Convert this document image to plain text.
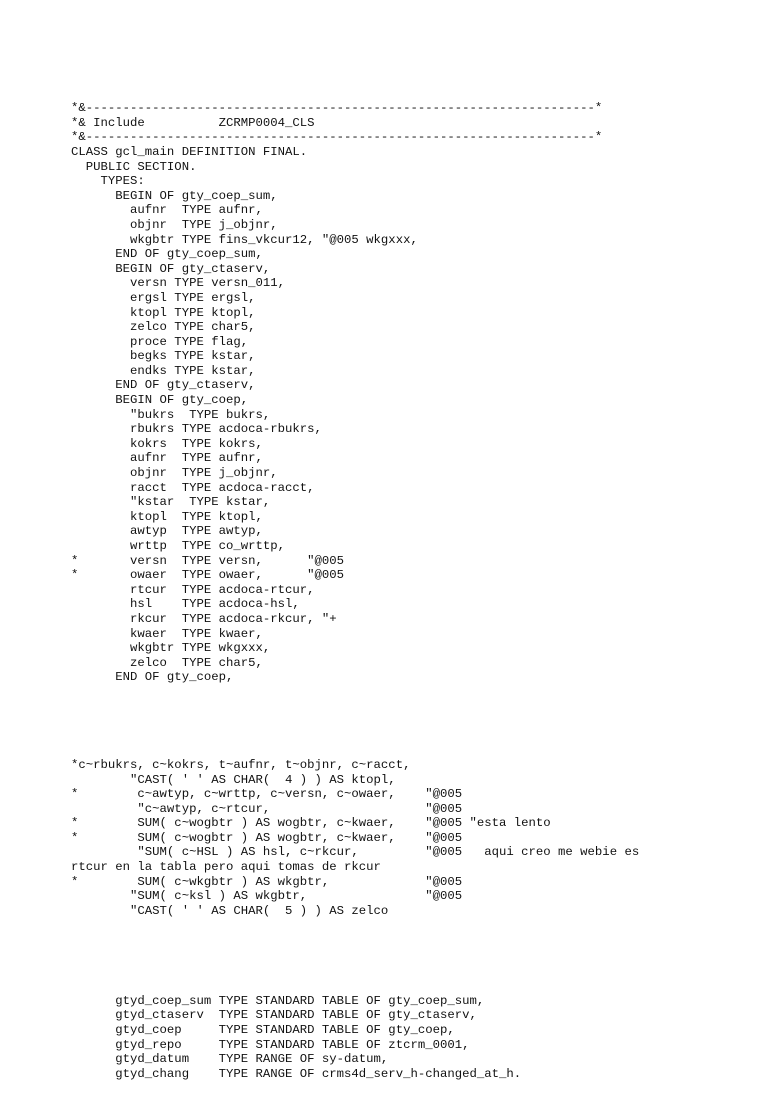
*&---------------------------------------------------------------------*
*& Include          ZCRMP0004_CLS
*&---------------------------------------------------------------------*
CLASS gcl_main DEFINITION FINAL.
PUBLIC SECTION.
TYPES:
BEGIN OF gty_coep_sum,
aufnr  TYPE aufnr,
objnr  TYPE j_objnr,
wkgbtr TYPE fins_vkcur12, "@005 wkgxxx,
END OF gty_coep_sum,
BEGIN OF gty_ctaserv,
versn TYPE versn_011,
ergsl TYPE ergsl,
ktopl TYPE ktopl,
zelco TYPE char5,
proce TYPE flag,
begks TYPE kstar,
endks TYPE kstar,
END OF gty_ctaserv,
BEGIN OF gty_coep,
"bukrs  TYPE bukrs,
rbukrs TYPE acdoca-rbukrs,
kokrs  TYPE kokrs,
aufnr  TYPE aufnr,
objnr  TYPE j_objnr,
racct  TYPE acdoca-racct,
"kstar  TYPE kstar,
ktopl  TYPE ktopl,
awtyp  TYPE awtyp,
wrttp  TYPE co_wrttp,
*       versn  TYPE versn,      "@005
*       owaer  TYPE owaer,      "@005
rtcur  TYPE acdoca-rtcur,
hsl    TYPE acdoca-hsl,
rkcur  TYPE acdoca-rkcur, "+
kwaer  TYPE kwaer,
wkgbtr TYPE wkgxxx,
zelco  TYPE char5,
END OF gty_coep,

*c~rbukrs, c~kokrs, t~aufnr, t~objnr, c~racct,
"CAST( ' ' AS CHAR(  4 ) ) AS ktopl,
*        c~awtyp, c~wrttp, c~versn, c~owaer,    "@005
"c~awtyp, c~rtcur,                     "@005
*        SUM( c~wogbtr ) AS wogbtr, c~kwaer,    "@005 "esta lento
*        SUM( c~wogbtr ) AS wogbtr, c~kwaer,    "@005
"SUM( c~HSL ) AS hsl, c~rkcur,         "@005   aqui creo me webie es
rtcur en la tabla pero aqui tomas de rkcur
*        SUM( c~wkgbtr ) AS wkgbtr,             "@005
"SUM( c~ksl ) AS wkgbtr,                "@005
"CAST( ' ' AS CHAR(  5 ) ) AS zelco

gtyd_coep_sum TYPE STANDARD TABLE OF gty_coep_sum,
gtyd_ctaserv  TYPE STANDARD TABLE OF gty_ctaserv,
gtyd_coep     TYPE STANDARD TABLE OF gty_coep,
gtyd_repo     TYPE STANDARD TABLE OF ztcrm_0001,
gtyd_datum    TYPE RANGE OF sy-datum,
gtyd_chang    TYPE RANGE OF crms4d_serv_h-changed_at_h.
